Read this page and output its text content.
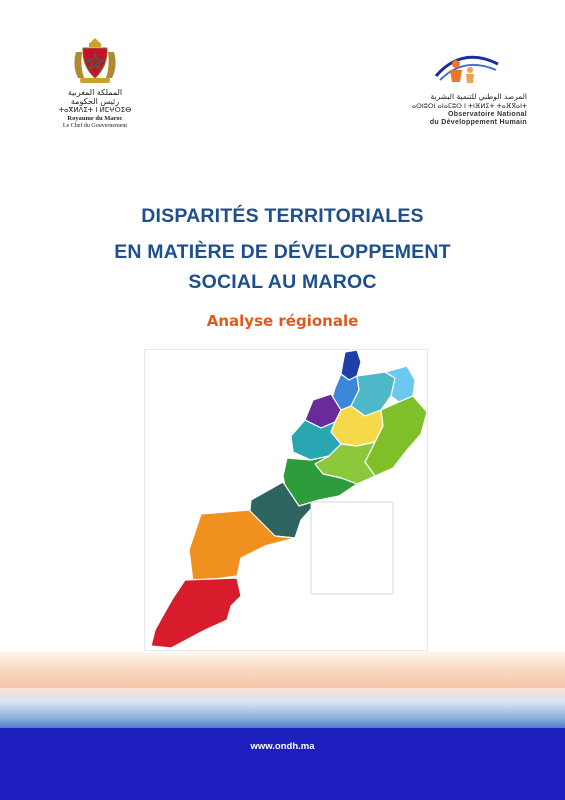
المملكة المغربية
رئيس الحكومة
ⵜⴰⴳⵍⴷⵉⵜ ⵏ ⵍⵎⵖⵔⵉⴱ
Royaume du Maroc
Le Chef du Gouvernement
المرصد الوطني للتنمية البشرية
ⴰⵙⵏⵓⵔⵏ ⴰⵏⴰⵎⵓⵔ ⵏ ⵜⵏⴼⵍⵉⵜ ⵜⴰⴼⴳⴰⵏⵜ
Observatoire National
du Développement Humain
DISPARITÉS TERRITORIALES
EN MATIÈRE DE DÉVELOPPEMENT
SOCIAL AU MAROC
Analyse régionale
www.ondh.ma
